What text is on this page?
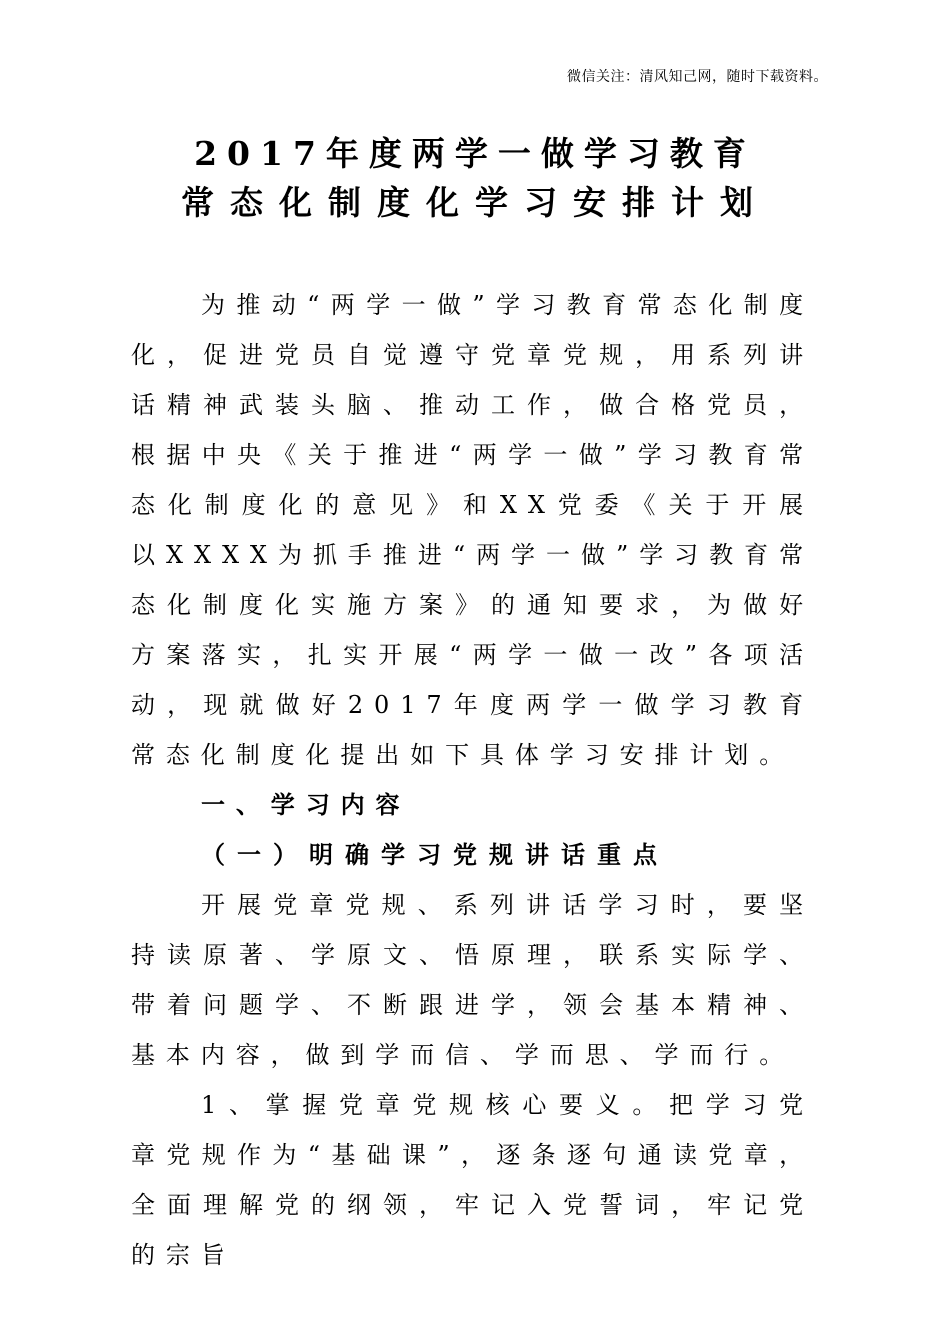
微信关注：清风知己网，随时下载资料。
2017年度两学一做学习教育
常态化制度化学习安排计划

为推动“两学一做”学习教育常态化制度化，促进党员自觉遵守党章党规，用系列讲话精神武装头脑、推动工作，做合格党员，根据中央《关于推进“两学一做”学习教育常态化制度化的意见》和XX党委《关于开展以XXXX为抓手推进“两学一做”学习教育常态化制度化实施方案》的通知要求，为做好方案落实，扎实开展“两学一做一改”各项活动，现就做好2017年度两学一做学习教育常态化制度化提出如下具体学习安排计划。

一、学习内容

（一）明确学习党规讲话重点

开展党章党规、系列讲话学习时，要坚持读原著、学原文、悟原理，联系实际学、带着问题学、不断跟进学，领会基本精神、基本内容，做到学而信、学而思、学而行。

1、掌握党章党规核心要义。把学习党章党规作为“基础课”，逐条逐句通读党章，全面理解党的纲领，牢记入党誓词，牢记党的宗旨
